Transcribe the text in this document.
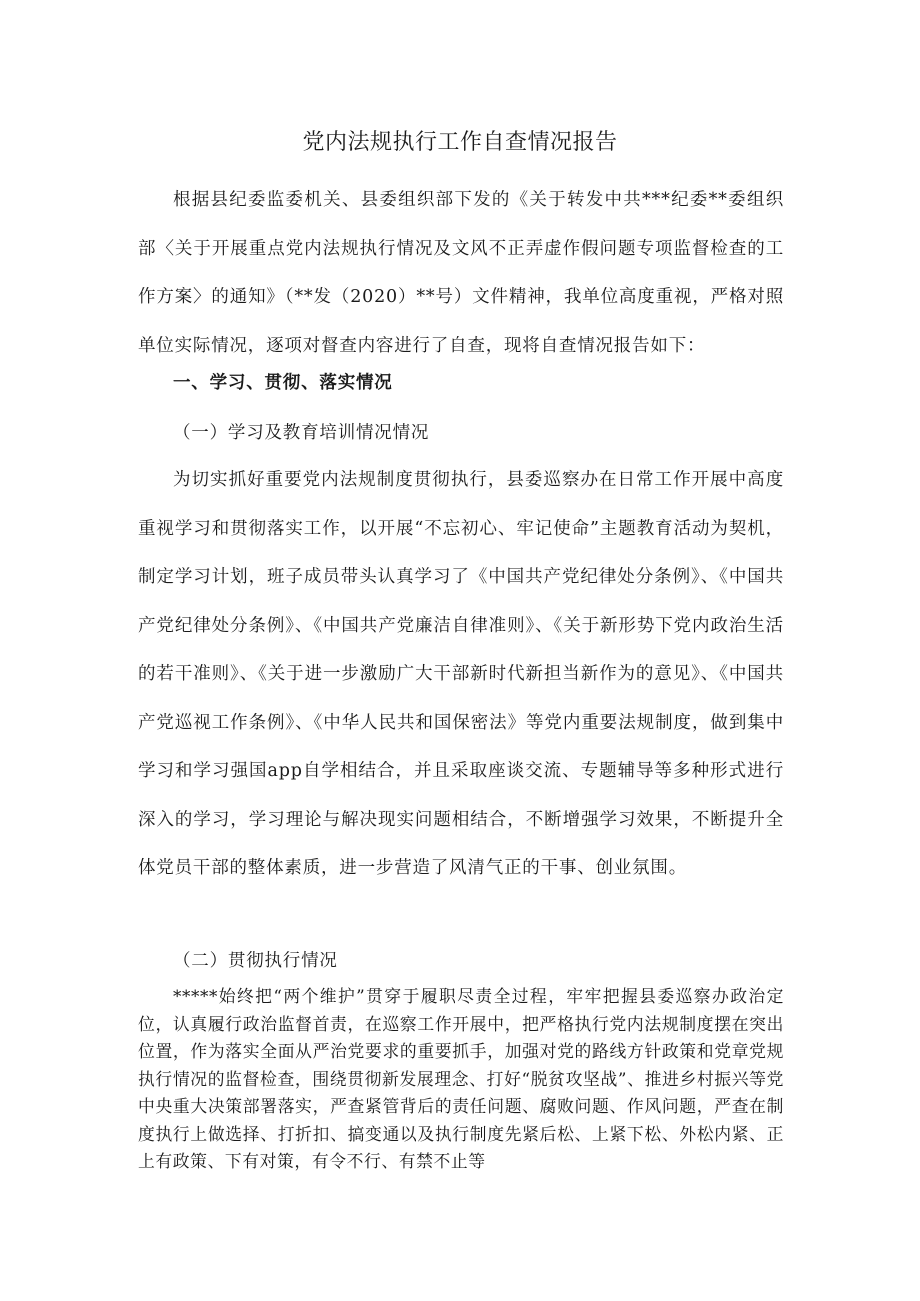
党内法规执行工作自查情况报告

根据县纪委监委机关、县委组织部下发的《关于转发中共***纪委**委组织部〈关于开展重点党内法规执行情况及文风不正弄虚作假问题专项监督检查的工作方案〉的通知》（**发（2020）**号）文件精神，我单位高度重视，严格对照单位实际情况，逐项对督查内容进行了自查，现将自查情况报告如下：

一、学习、贯彻、落实情况
（一）学习及教育培训情况情况

为切实抓好重要党内法规制度贯彻执行，县委巡察办在日常工作开展中高度重视学习和贯彻落实工作，以开展“不忘初心、牢记使命”主题教育活动为契机，制定学习计划，班子成员带头认真学习了《中国共产党纪律处分条例》、《中国共产党纪律处分条例》、《中国共产党廉洁自律准则》、《关于新形势下党内政治生活的若干准则》、《关于进一步激励广大干部新时代新担当新作为的意见》、《中国共产党巡视工作条例》、《中华人民共和国保密法》等党内重要法规制度，做到集中学习和学习强国app自学相结合，并且采取座谈交流、专题辅导等多种形式进行深入的学习，学习理论与解决现实问题相结合，不断增强学习效果，不断提升全体党员干部的整体素质，进一步营造了风清气正的干事、创业氛围。

（二）贯彻执行情况

*****始终把“两个维护”贯穿于履职尽责全过程，牢牢把握县委巡察办政治定位，认真履行政治监督首责，在巡察工作开展中，把严格执行党内法规制度摆在突出位置，作为落实全面从严治党要求的重要抓手，加强对党的路线方针政策和党章党规执行情况的监督检查，围绕贯彻新发展理念、打好“脱贫攻坚战”、推进乡村振兴等党中央重大决策部署落实，严查紧管背后的责任问题、腐败问题、作风问题，严查在制度执行上做选择、打折扣、搞变通以及执行制度先紧后松、上紧下松、外松内紧、正上有政策、下有对策，有令不行、有禁不止等
